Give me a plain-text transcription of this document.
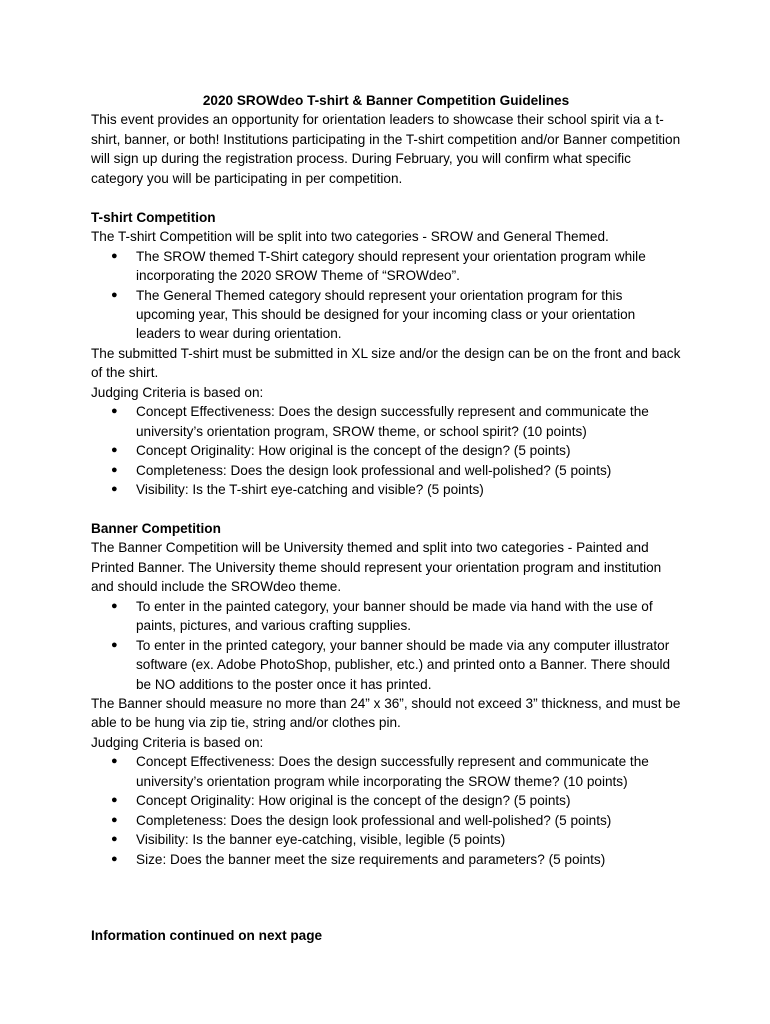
2020 SROWdeo T-shirt & Banner Competition Guidelines

This event provides an opportunity for orientation leaders to showcase their school spirit via a t-shirt, banner, or both! Institutions participating in the T-shirt competition and/or Banner competition will sign up during the registration process. During February, you will confirm what specific category you will be participating in per competition.

T-shirt Competition

The T-shirt Competition will be split into two categories - SROW and General Themed.

● The SROW themed T-Shirt category should represent your orientation program while incorporating the 2020 SROW Theme of “SROWdeo”.
● The General Themed category should represent your orientation program for this upcoming year, This should be designed for your incoming class or your orientation leaders to wear during orientation.

The submitted T-shirt must be submitted in XL size and/or the design can be on the front and back of the shirt.

Judging Criteria is based on:

● Concept Effectiveness: Does the design successfully represent and communicate the university’s orientation program, SROW theme, or school spirit? (10 points)
● Concept Originality: How original is the concept of the design? (5 points)
● Completeness: Does the design look professional and well-polished? (5 points)
● Visibility: Is the T-shirt eye-catching and visible? (5 points)

Banner Competition

The Banner Competition will be University themed and split into two categories - Painted and Printed Banner. The University theme should represent your orientation program and institution and should include the SROWdeo theme.

● To enter in the painted category, your banner should be made via hand with the use of paints, pictures, and various crafting supplies.
● To enter in the printed category, your banner should be made via any computer illustrator software (ex. Adobe PhotoShop, publisher, etc.) and printed onto a Banner. There should be NO additions to the poster once it has printed.

The Banner should measure no more than 24” x 36”, should not exceed 3” thickness, and must be able to be hung via zip tie, string and/or clothes pin.

Judging Criteria is based on:

● Concept Effectiveness: Does the design successfully represent and communicate the university’s orientation program while incorporating the SROW theme? (10 points)
● Concept Originality: How original is the concept of the design? (5 points)
● Completeness: Does the design look professional and well-polished? (5 points)
● Visibility: Is the banner eye-catching, visible, legible (5 points)
● Size: Does the banner meet the size requirements and parameters? (5 points)

Information continued on next page
